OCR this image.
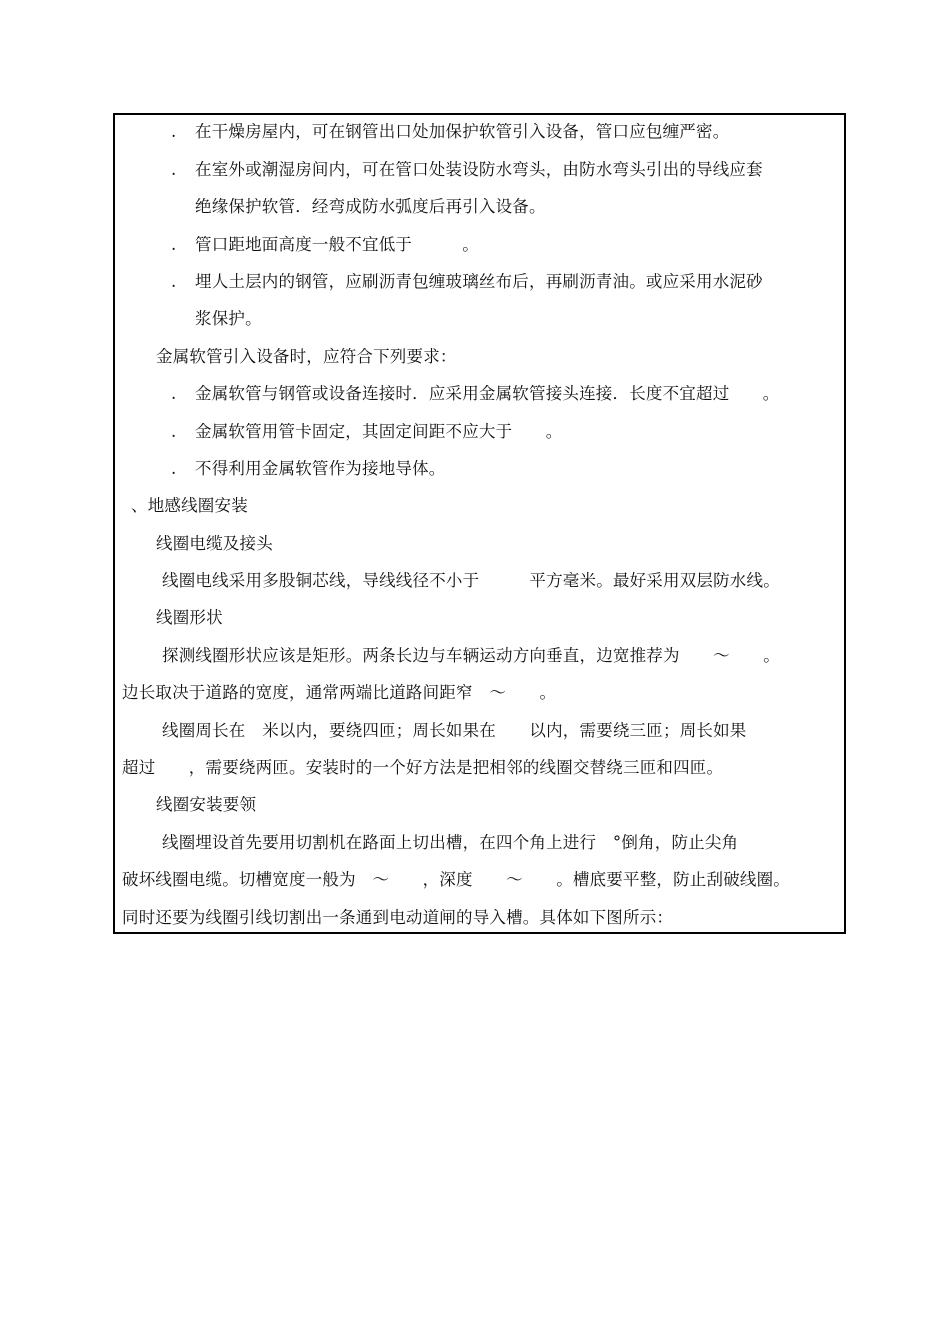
. 在干燥房屋内，可在钢管出口处加保护软管引入设备，管口应包缠严密。
. 在室外或潮湿房间内，可在管口处装设防水弯头，由防水弯头引出的导线应套
绝缘保护软管．经弯成防水弧度后再引入设备。
. 管口距地面高度一般不宜低于　　　。
. 埋人土层内的钢管，应刷沥青包缠玻璃丝布后，再刷沥青油。或应采用水泥砂
浆保护。
金属软管引入设备时，应符合下列要求：
. 金属软管与钢管或设备连接时．应采用金属软管接头连接．长度不宜超过　　。
. 金属软管用管卡固定，其固定间距不应大于　　。
. 不得利用金属软管作为接地导体。
、地感线圈安装
线圈电缆及接头
线圈电线采用多股铜芯线，导线线径不小于　　　平方毫米。最好采用双层防水线。
线圈形状
探测线圈形状应该是矩形。两条长边与车辆运动方向垂直，边宽推荐为　　～　　。
边长取决于道路的宽度，通常两端比道路间距窄　～　　。
线圈周长在　米以内，要绕四匝；周长如果在　　以内，需要绕三匝；周长如果
超过　　，需要绕两匝。安装时的一个好方法是把相邻的线圈交替绕三匝和四匝。
线圈安装要领
线圈埋设首先要用切割机在路面上切出槽，在四个角上进行　°倒角，防止尖角
破坏线圈电缆。切槽宽度一般为　～　　，深度　　～　　。槽底要平整，防止刮破线圈。
同时还要为线圈引线切割出一条通到电动道闸的导入槽。具体如下图所示：
